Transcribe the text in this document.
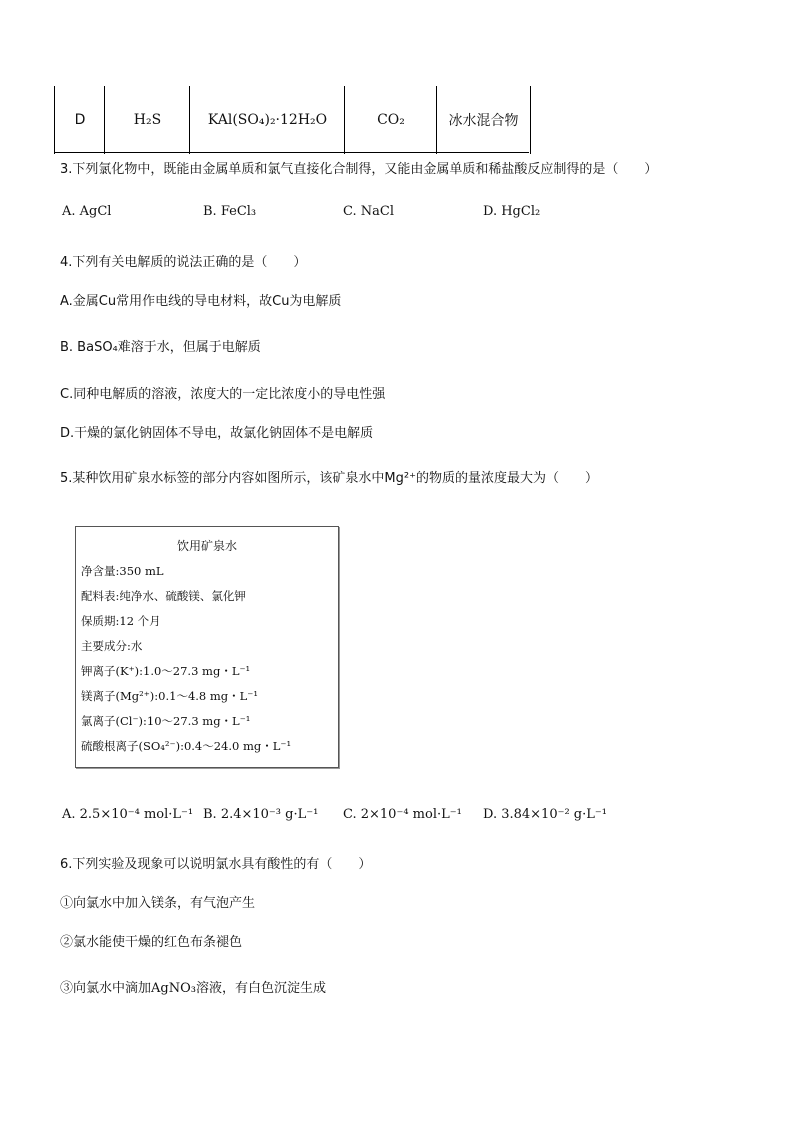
D	H₂S	KAl(SO₄)₂·12H₂O	CO₂	冰水混合物
3.下列氯化物中，既能由金属单质和氯气直接化合制得，又能由金属单质和稀盐酸反应制得的是（　　）
A. AgCl	B. FeCl₃	C. NaCl	D. HgCl₂
4.下列有关电解质的说法正确的是（　　）
A.金属Cu常用作电线的导电材料，故Cu为电解质
B. BaSO₄难溶于水，但属于电解质
C.同种电解质的溶液，浓度大的一定比浓度小的导电性强
D.干燥的氯化钠固体不导电，故氯化钠固体不是电解质
5.某种饮用矿泉水标签的部分内容如图所示，该矿泉水中Mg²⁺的物质的量浓度最大为（　　）
饮用矿泉水
净含量:350 mL
配料表:纯净水、硫酸镁、氯化钾
保质期:12 个月
主要成分:水
钾离子(K⁺):1.0～27.3 mg・L⁻¹
镁离子(Mg²⁺):0.1～4.8 mg・L⁻¹
氯离子(Cl⁻):10～27.3 mg・L⁻¹
硫酸根离子(SO₄²⁻):0.4～24.0 mg・L⁻¹
A. 2.5×10⁻⁴ mol·L⁻¹ B. 2.4×10⁻³ g·L⁻¹ C. 2×10⁻⁴ mol·L⁻¹ D. 3.84×10⁻² g·L⁻¹
6.下列实验及现象可以说明氯水具有酸性的有（　　）
①向氯水中加入镁条，有气泡产生
②氯水能使干燥的红色布条褪色
③向氯水中滴加AgNO₃溶液，有白色沉淀生成
